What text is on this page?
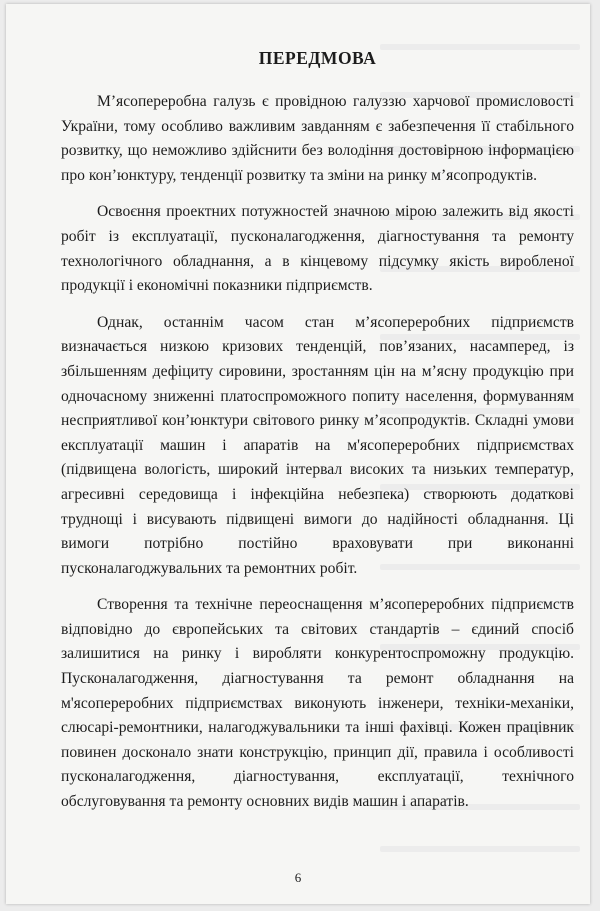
ПЕРЕДМОВА

М’ясопереробна галузь є провідною галуззю харчової промисловості України, тому особливо важливим завданням є забезпечення її стабільного розвитку, що неможливо здійснити без володіння достовірною інформацією про кон’юнктуру, тенденції розвитку та зміни на ринку м’ясопродуктів.

Освоєння проектних потужностей значною мірою залежить від якості робіт із експлуатації, пусконалагодження, діагностування та ремонту технологічного обладнання, а в кінцевому підсумку якість виробленої продукції і економічні показники підприємств.

Однак, останнім часом стан м’ясопереробних підприємств визначається низкою кризових тенденцій, пов’язаних, насамперед, із збільшенням дефіциту сировини, зростанням цін на м’ясну продукцію при одночасному зниженні платоспроможного попиту населення, формуванням несприятливої кон’юнктури світового ринку м’ясопродуктів. Складні умови експлуатації машин і апаратів на м'ясопереробних підприємствах (підвищена вологість, широкий інтервал високих та низьких температур, агресивні середовища і інфекційна небезпека) створюють додаткові труднощі і висувають підвищені вимоги до надійності обладнання. Ці вимоги потрібно постійно враховувати при виконанні пусконалагоджувальних та ремонтних робіт.

Створення та технічне переоснащення м’ясопереробних підприємств відповідно до європейських та світових стандартів – єдиний спосіб залишитися на ринку і виробляти конкурентоспроможну продукцію. Пусконалагодження, діагностування та ремонт обладнання на м'ясопереробних підприємствах виконують інженери, техніки-механіки, слюсарі-ремонтники, налагоджувальники та інші фахівці. Кожен працівник повинен досконало знати конструкцію, принцип дії, правила і особливості пусконалагодження, діагностування, експлуатації, технічного обслуговування та ремонту основних видів машин і апаратів.

6
